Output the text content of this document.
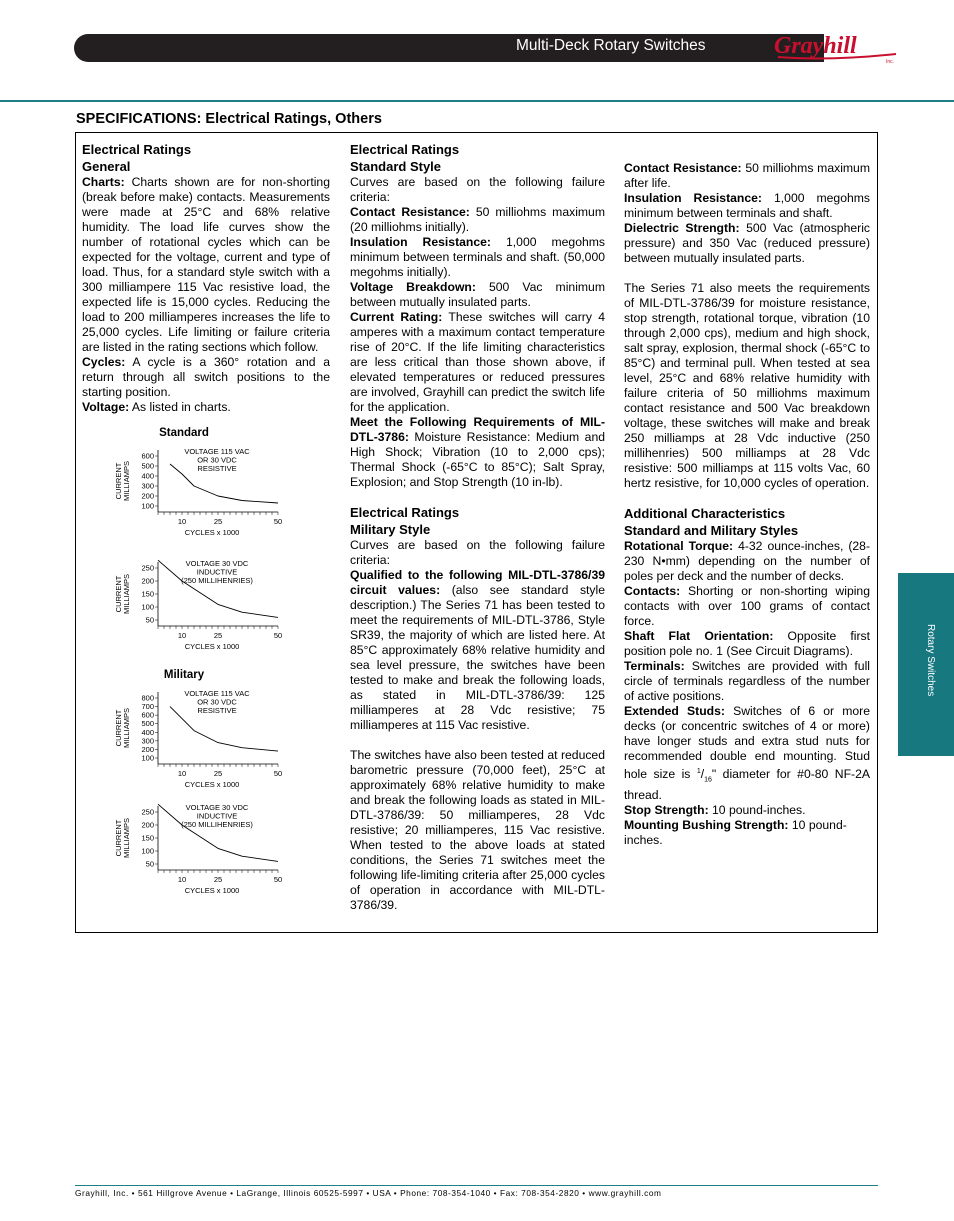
Multi-Deck Rotary Switches	Grayhill
Inc.
SPECIFICATIONS: Electrical Ratings, Others
Electrical Ratings
General

Charts: Charts shown are for non-shorting (break before make) contacts. Measurements were made at 25°C and 68% relative humidity. The load life curves show the number of rotational cycles which can be expected for the voltage, current and type of load. Thus, for a standard style switch with a 300 milliampere 115 Vac resistive load, the expected life is 15,000 cycles. Reducing the load to 200 milliamperes increases the life to 25,000 cycles. Life limiting or failure criteria are listed in the rating sections which follow.

Cycles: A cycle is a 360° rotation and a return through all switch positions to the starting position.

Voltage: As listed in charts.

Standard
600
500
400
300
200
100
10	25	50
CYCLES x 1000
CURRENT MILLIAMPS
VOLTAGE 115 VAC
OR 30 VDC
RESISTIVE
250
200
150
100
50
10	25	50
CYCLES x 1000
CURRENT MILLIAMPS
VOLTAGE 30 VDC
INDUCTIVE
(250 MILLIHENRIES)
Military
800
700
600
500
400
300
200
100
10	25	50
CYCLES x 1000
CURRENT MILLIAMPS
VOLTAGE 115 VAC
OR 30 VDC
RESISTIVE
250
200
150
100
50
10	25	50
CYCLES x 1000
CURRENT MILLIAMPS
VOLTAGE 30 VDC
INDUCTIVE
(250 MILLIHENRIES)
Electrical Ratings
Standard Style

Curves are based on the following failure criteria:

Contact Resistance: 50 milliohms maximum (20 milliohms initially).

Insulation Resistance: 1,000 megohms minimum between terminals and shaft. (50,000 megohms initially).

Voltage Breakdown: 500 Vac minimum between mutually insulated parts.

Current Rating: These switches will carry 4 amperes with a maximum contact temperature rise of 20°C. If the life limiting characteristics are less critical than those shown above, if elevated temperatures or reduced pressures are involved, Grayhill can predict the switch life for the application.

Meet the Following Requirements of MIL-DTL-3786: Moisture Resistance: Medium and High Shock; Vibration (10 to 2,000 cps); Thermal Shock (-65°C to 85°C); Salt Spray, Explosion; and Stop Strength (10 in-lb).

Electrical Ratings
Military Style

Curves are based on the following failure criteria:

Qualified to the following MIL-DTL-3786/39 circuit values: (also see standard style description.) The Series 71 has been tested to meet the requirements of MIL-DTL-3786, Style SR39, the majority of which are listed here. At 85°C approximately 68% relative humidity and sea level pressure, the switches have been tested to make and break the following loads, as stated in MIL-DTL-3786/39: 125 milliamperes at 28 Vdc resistive; 75 milliamperes at 115 Vac resistive.

The switches have also been tested at reduced barometric pressure (70,000 feet), 25°C at approximately 68% relative humidity to make and break the following loads as stated in MIL-DTL-3786/39: 50 milliamperes, 28 Vdc resistive; 20 milliamperes, 115 Vac resistive. When tested to the above loads at stated conditions, the Series 71 switches meet the following life-limiting criteria after 25,000 cycles of operation in accordance with MIL-DTL-3786/39.

Contact Resistance: 50 milliohms maximum after life.

Insulation Resistance: 1,000 megohms minimum between terminals and shaft.

Dielectric Strength: 500 Vac (atmospheric pressure) and 350 Vac (reduced pressure) between mutually insulated parts.

The Series 71 also meets the requirements of MIL-DTL-3786/39 for moisture resistance, stop strength, rotational torque, vibration (10 through 2,000 cps), medium and high shock, salt spray, explosion, thermal shock (-65°C to 85°C) and terminal pull. When tested at sea level, 25°C and 68% relative humidity with failure criteria of 50 milliohms maximum contact resistance and 500 Vac breakdown voltage, these switches will make and break 250 milliamps at 28 Vdc inductive (250 millihenries) 500 milliamps at 28 Vdc resistive: 500 milliamps at 115 volts Vac, 60 hertz resistive, for 10,000 cycles of operation.

Additional Characteristics
Standard and Military Styles

Rotational Torque: 4-32 ounce-inches, (28-230 N•mm) depending on the number of poles per deck and the number of decks.

Contacts: Shorting or non-shorting wiping contacts with over 100 grams of contact force.

Shaft Flat Orientation: Opposite first position pole no. 1 (See Circuit Diagrams).

Terminals: Switches are provided with full circle of terminals regardless of the number of active positions.

Extended Studs: Switches of 6 or more decks (or concentric switches of 4 or more) have longer studs and extra stud nuts for recommended double end mounting. Stud hole size is $^1/_{16}$" diameter for #0-80 NF-2A thread.

Stop Strength: 10 pound-inches.

Mounting Bushing Strength: 10 pound-inches.

Rotary Switches
Grayhill, Inc. • 561 Hillgrove Avenue • LaGrange, Illinois 60525-5997 • USA • Phone: 708-354-1040 • Fax: 708-354-2820 • www.grayhill.com
